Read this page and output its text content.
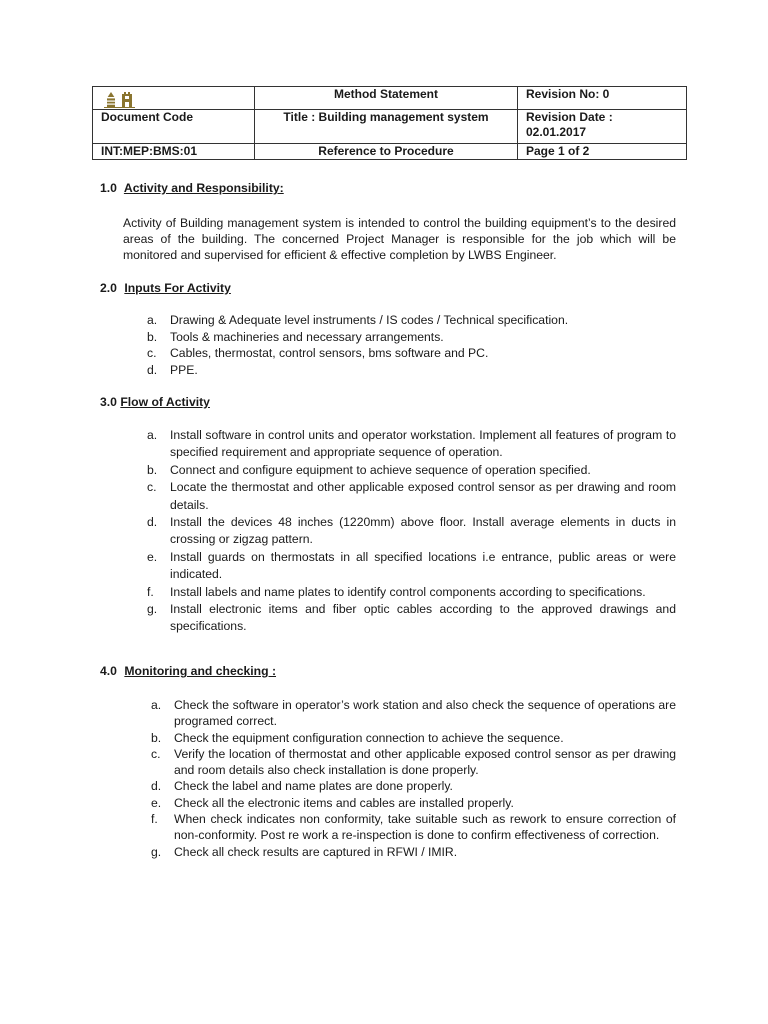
	Method Statement	Revision No: 0
Document Code	Title : Building management system	Revision Date :
02.01.2017

INT:MEP:BMS:01	Reference to Procedure	Page 1 of 2
1.0 Activity and Responsibility:
Activity of Building management system is intended to control the building equipment’s to the desired areas of the building. The concerned Project Manager is responsible for the job which will be monitored and supervised for efficient & effective completion by LWBS Engineer.
2.0 Inputs For Activity
a. Drawing & Adequate level instruments / IS codes / Technical specification.
b. Tools & machineries and necessary arrangements.
c. Cables, thermostat, control sensors, bms software and PC.
d. PPE.
3.0 Flow of Activity
a. Install software in control units and operator workstation. Implement all features of program to specified requirement and appropriate sequence of operation.
b. Connect and configure equipment to achieve sequence of operation specified.
c. Locate the thermostat and other applicable exposed control sensor as per drawing and room details.
d. Install the devices 48 inches (1220mm) above floor. Install average elements in ducts in crossing or zigzag pattern.
e. Install guards on thermostats in all specified locations i.e entrance, public areas or were indicated.
f. Install labels and name plates to identify control components according to specifications.
g. Install electronic items and fiber optic cables according to the approved drawings and specifications.
4.0 Monitoring and checking :
a. Check the software in operator’s work station and also check the sequence of operations are programed correct.
b. Check the equipment configuration connection to achieve the sequence.
c. Verify the location of thermostat and other applicable exposed control sensor as per drawing and room details also check installation is done properly.
d. Check the label and name plates are done properly.
e. Check all the electronic items and cables are installed properly.
f. When check indicates non conformity, take suitable such as rework to ensure correction of non-conformity. Post re work a re-inspection is done to confirm effectiveness of correction.
g. Check all check results are captured in RFWI / IMIR.
